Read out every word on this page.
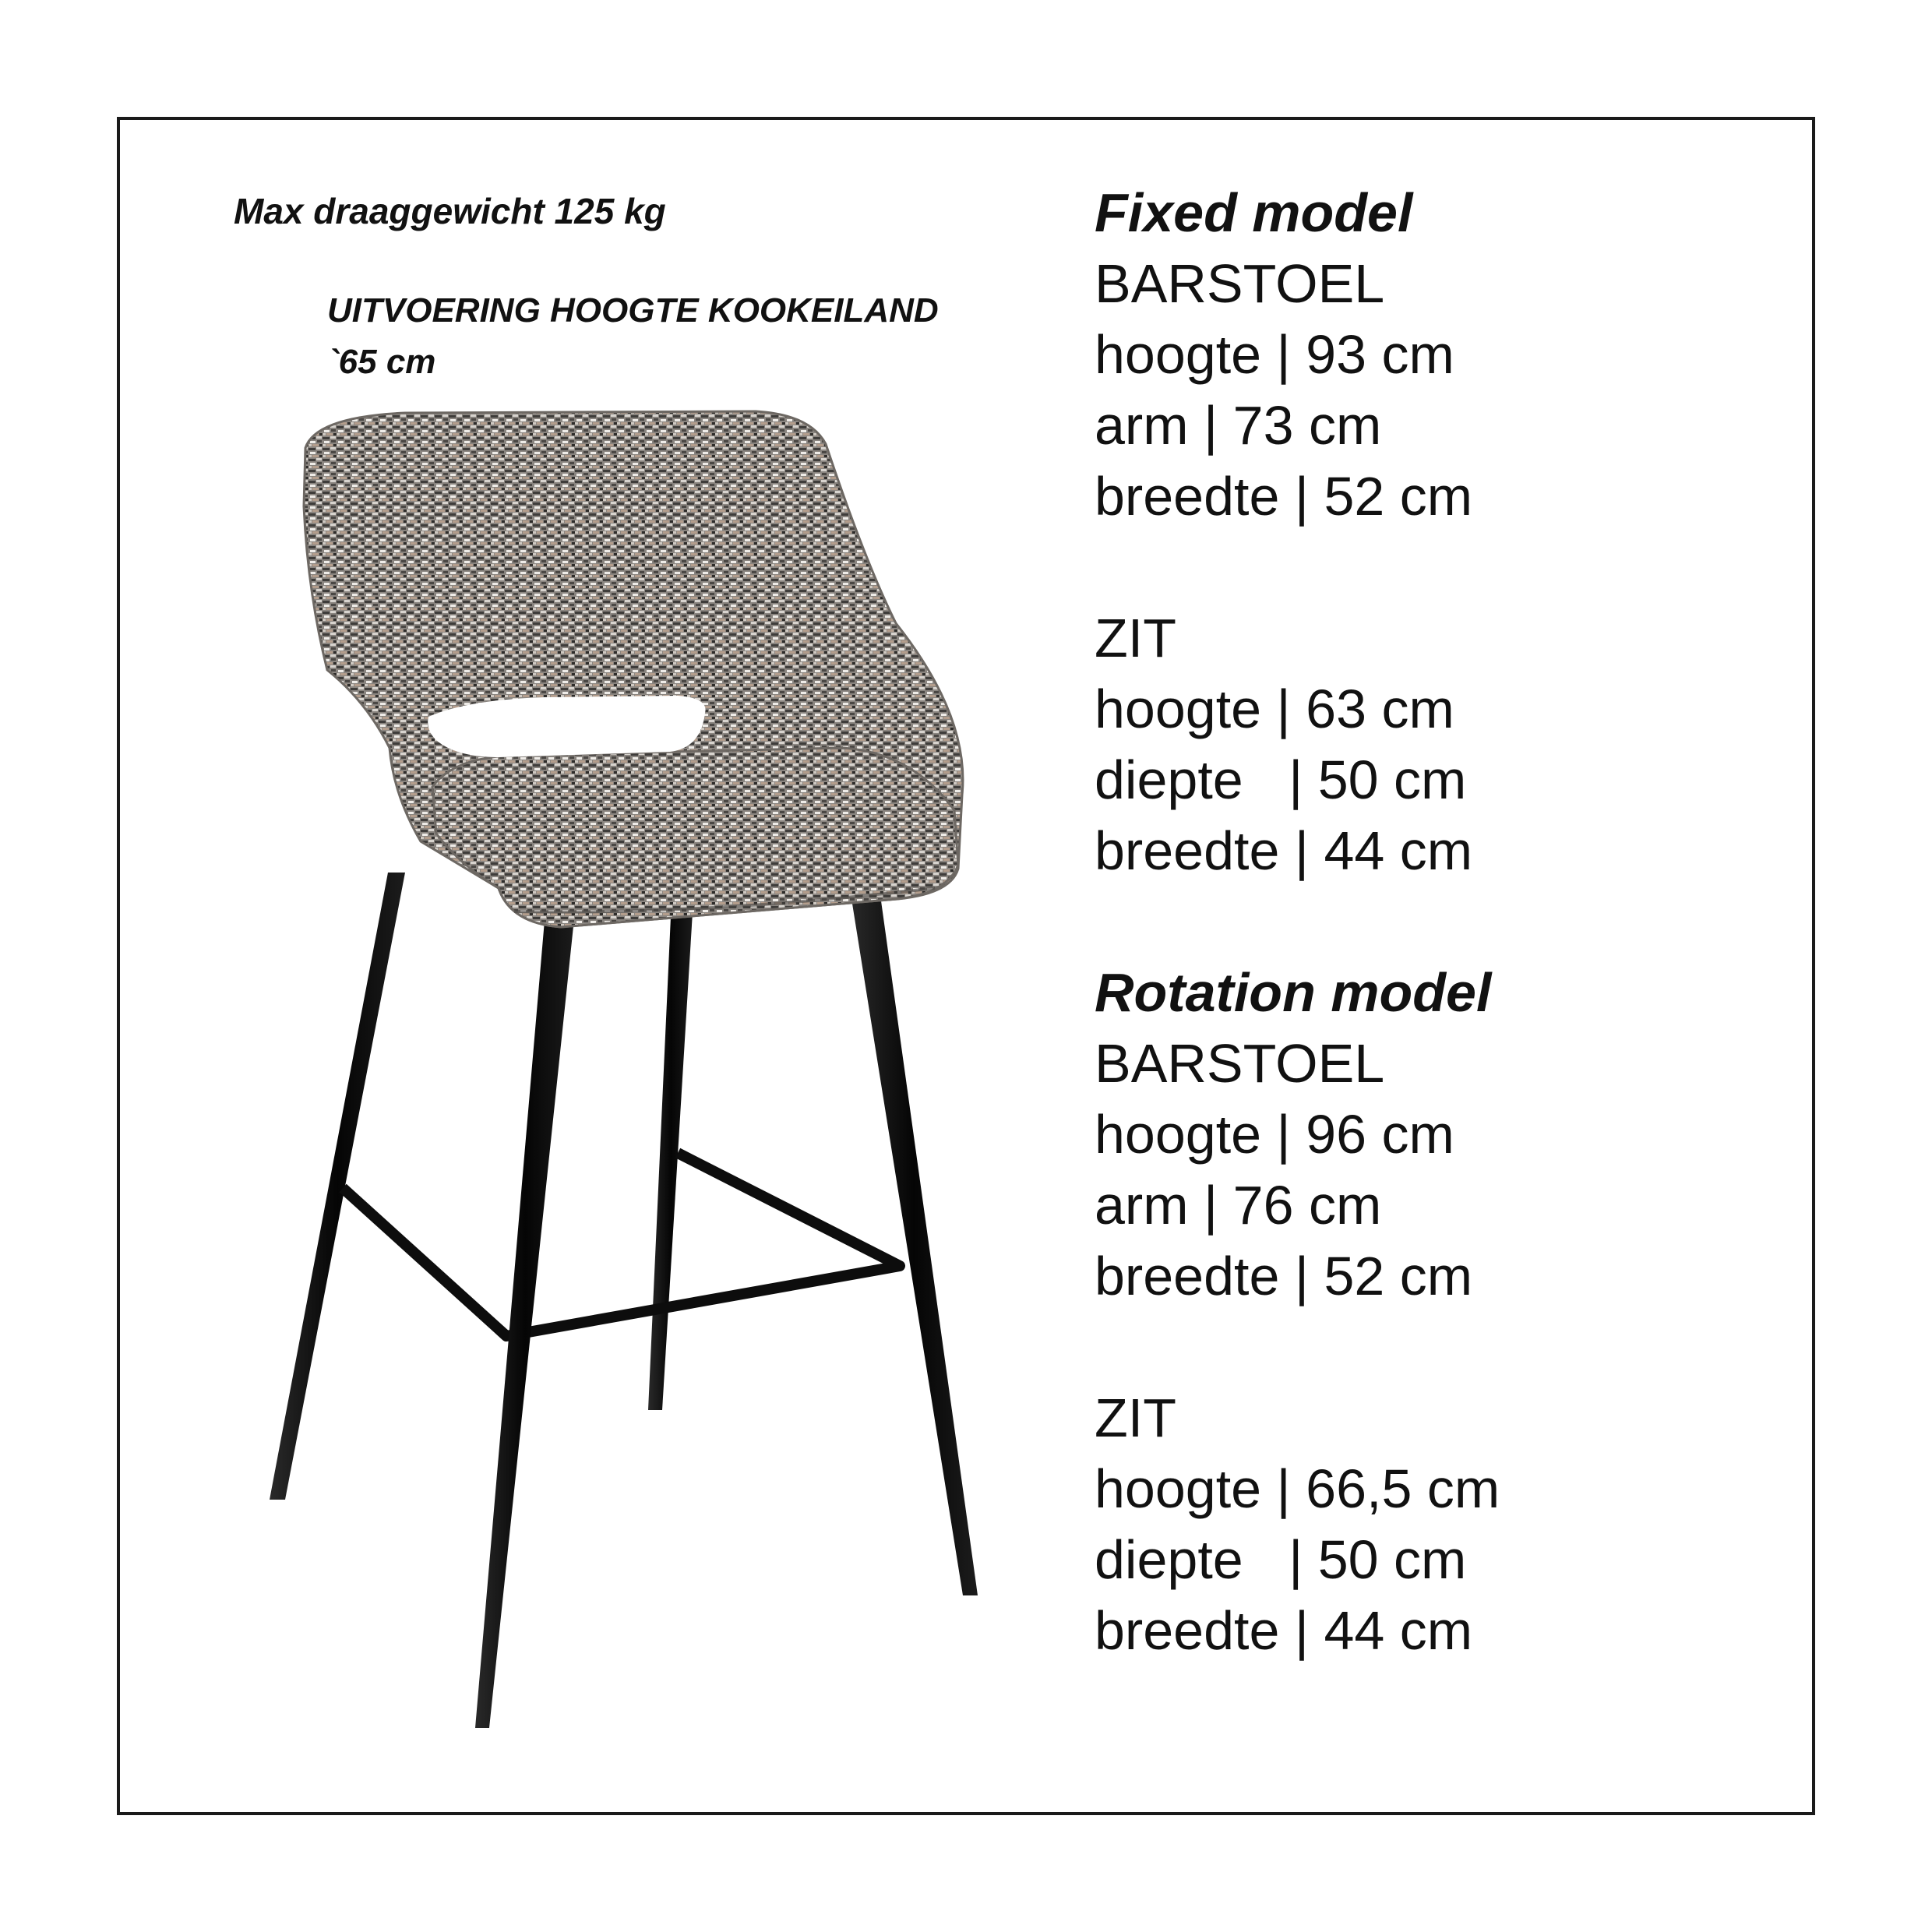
Max draaggewicht 125 kg
UITVOERING HOOGTE KOOKEILAND
`65 cm
Fixed model
BARSTOEL
hoogte | 93 cm
arm | 73 cm
breedte | 52 cm
ZIT
hoogte | 63 cm
diepte   | 50 cm
breedte | 44 cm
Rotation model
BARSTOEL
hoogte | 96 cm
arm | 76 cm
breedte | 52 cm
ZIT
hoogte | 66,5 cm
diepte   | 50 cm
breedte | 44 cm
